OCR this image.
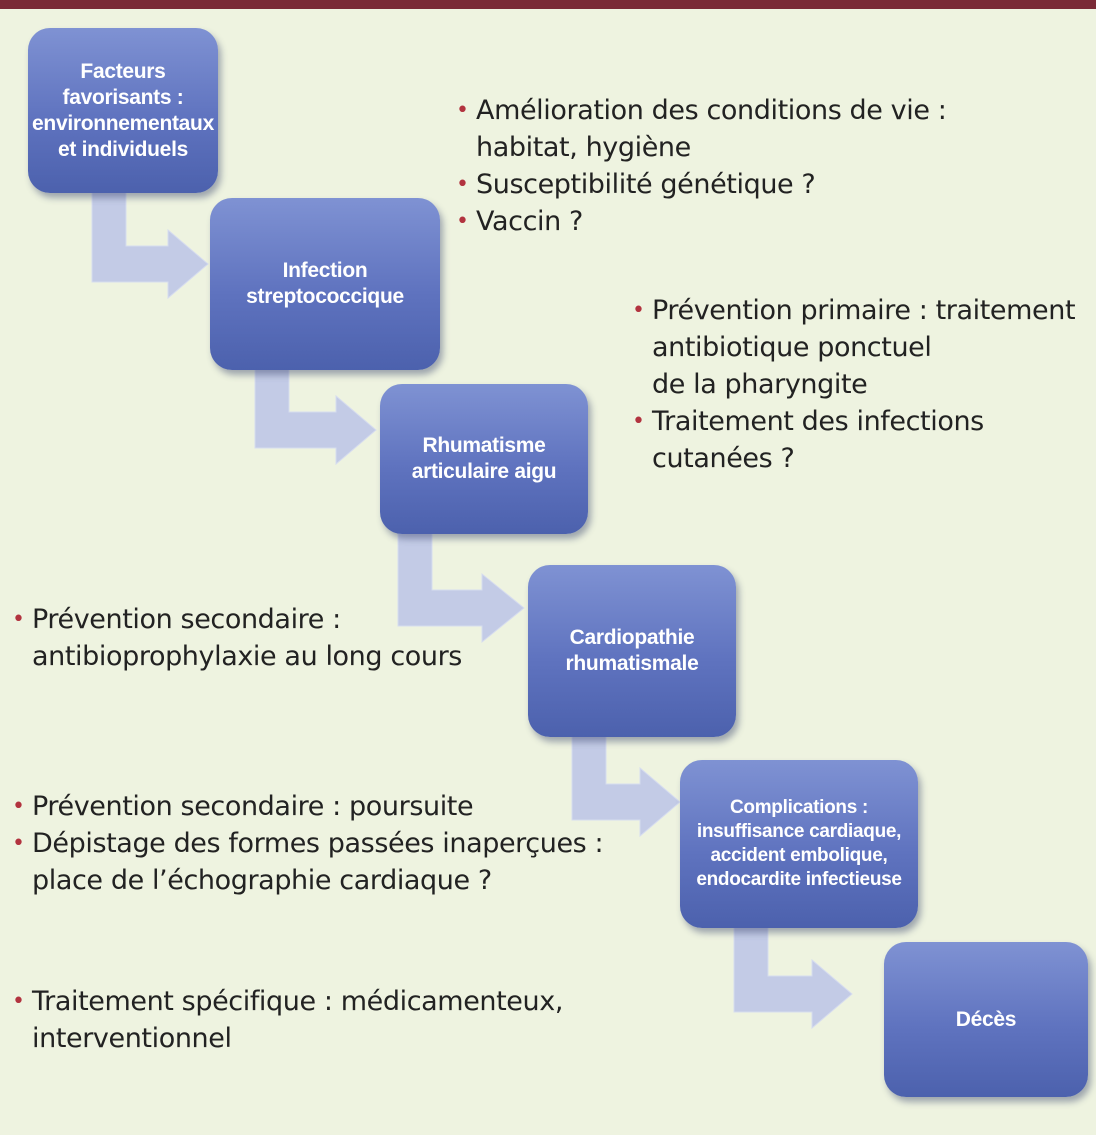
Facteurs
favorisants :
environnementaux
et individuels
Infection
streptococcique
Rhumatisme
articulaire aigu
Cardiopathie
rhumatismale
Complications :
insuffisance cardiaque,
accident embolique,
endocardite infectieuse
Décès
• Amélioration des conditions de vie :
habitat, hygiène
• Susceptibilité génétique ?
• Vaccin ?
• Prévention primaire : traitement
antibiotique ponctuel
de la pharyngite
• Traitement des infections
cutanées ?
• Prévention secondaire :
antibioprophylaxie au long cours
• Prévention secondaire : poursuite
• Dépistage des formes passées inaperçues :
place de l’échographie cardiaque ?
• Traitement spécifique : médicamenteux,
interventionnel
